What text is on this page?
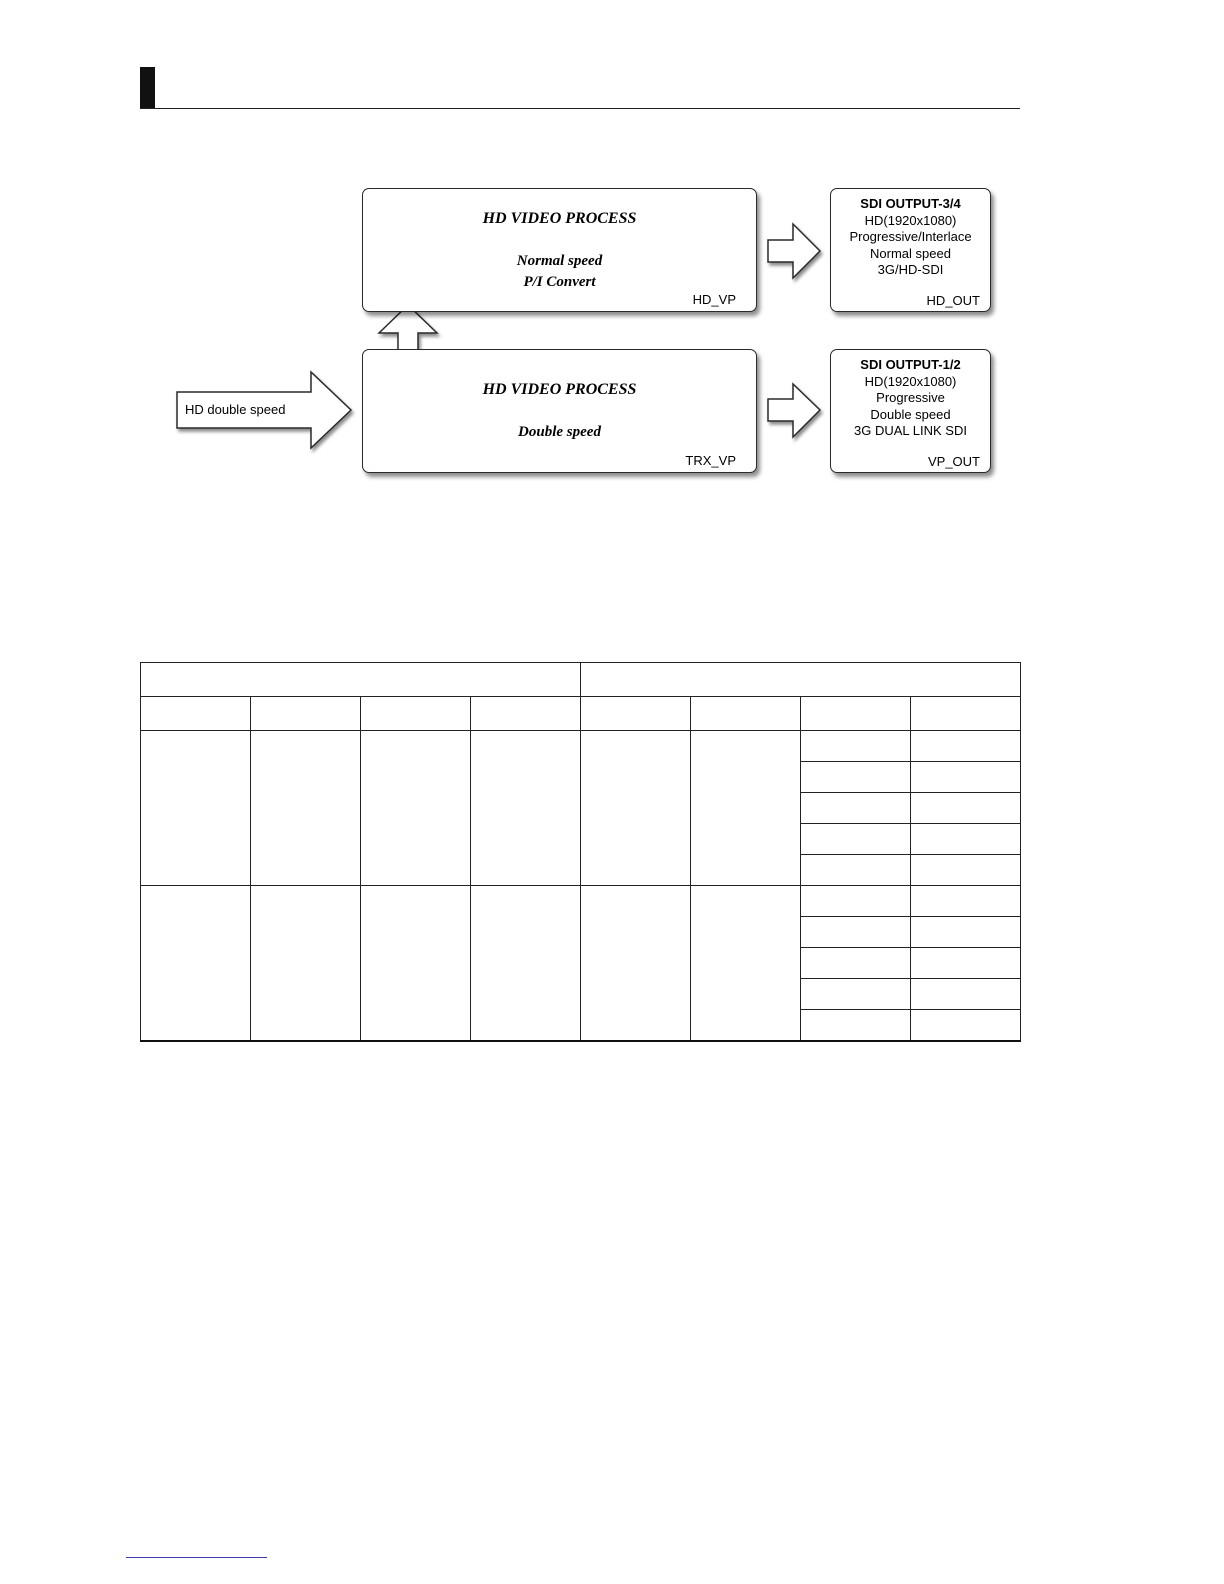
HD double speed
HD VIDEO PROCESS
Normal speed
P/I Convert
HD_VP
HD VIDEO PROCESS
Double speed
TRX_VP
SDI OUTPUT-3/4
HD(1920x1080)
Progressive/Interlace
Normal speed
3G/HD-SDI
HD_OUT
SDI OUTPUT-1/2
HD(1920x1080)
Progressive
Double speed
3G DUAL LINK SDI
VP_OUT
